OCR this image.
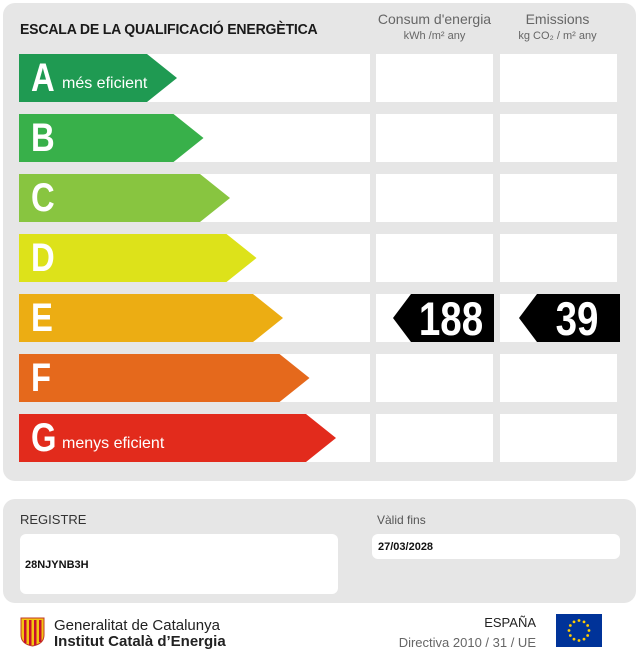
ESCALA DE LA QUALIFICACIÓ ENERGÈTICA
Consum d'energia
kWh /m² any
Emissions
kg CO₂ / m² any
A més eficient
B
C
D
E
F
G menys eficient
188	39
REGISTRE
28NJYNB3H
Vàlid fins
27/03/2028
Generalitat de Catalunya
Institut Català d’Energia
ESPAÑA
Directiva 2010 / 31 / UE
